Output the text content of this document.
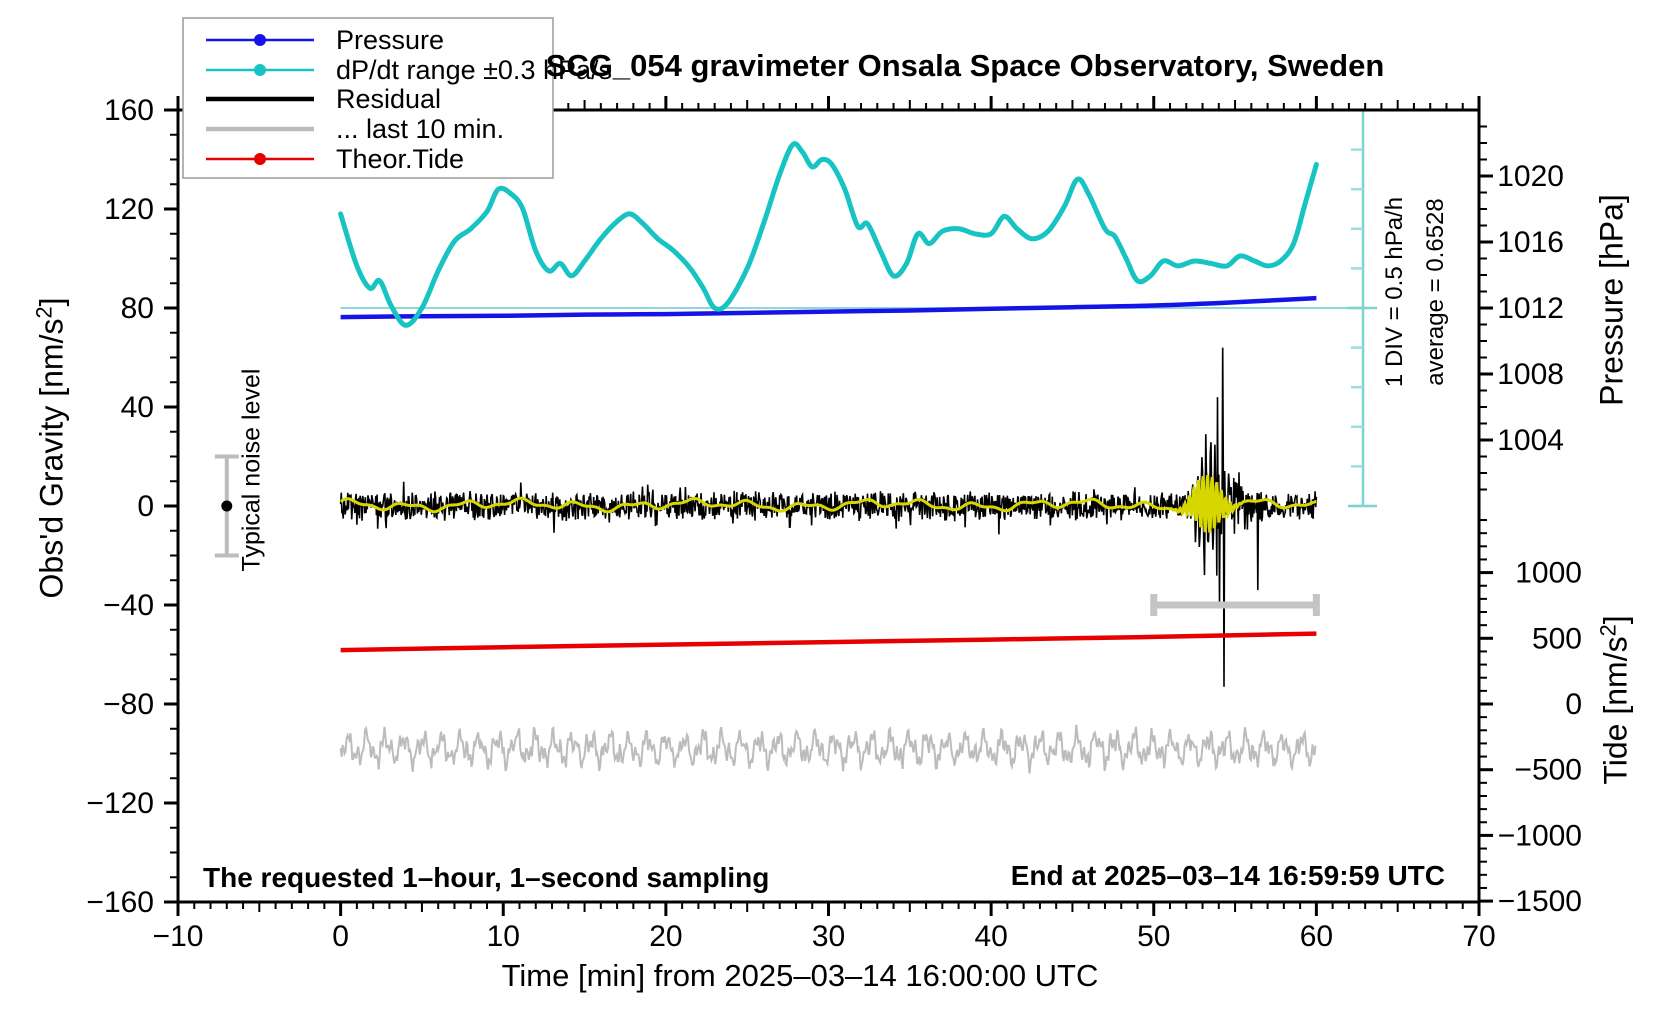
−10	0	10	20	30	40	50	60	70
−160
−120
−80
−40
0
40
80
120
160
1004
1008
1012
1016
1020
−1500
−1000
−500
0
500
1000
Pressure
dP/dt range ±0.3 hPa/s
Residual
... last 10 min.
Theor.Tide
SCG_054 gravimeter Onsala Space Observatory, Sweden
Time [min] from 2025–03–14 16:00:00 UTC
Obs'd Gravity $[nm/s^2]$	Pressure [hPa]
Tide $[nm/s^2]$
Typical noise level
1 DIV = 0.5 hPa/h average = 0.6528
The requested 1–hour, 1–second sampling	End at 2025–03–14 16:59:59 UTC
